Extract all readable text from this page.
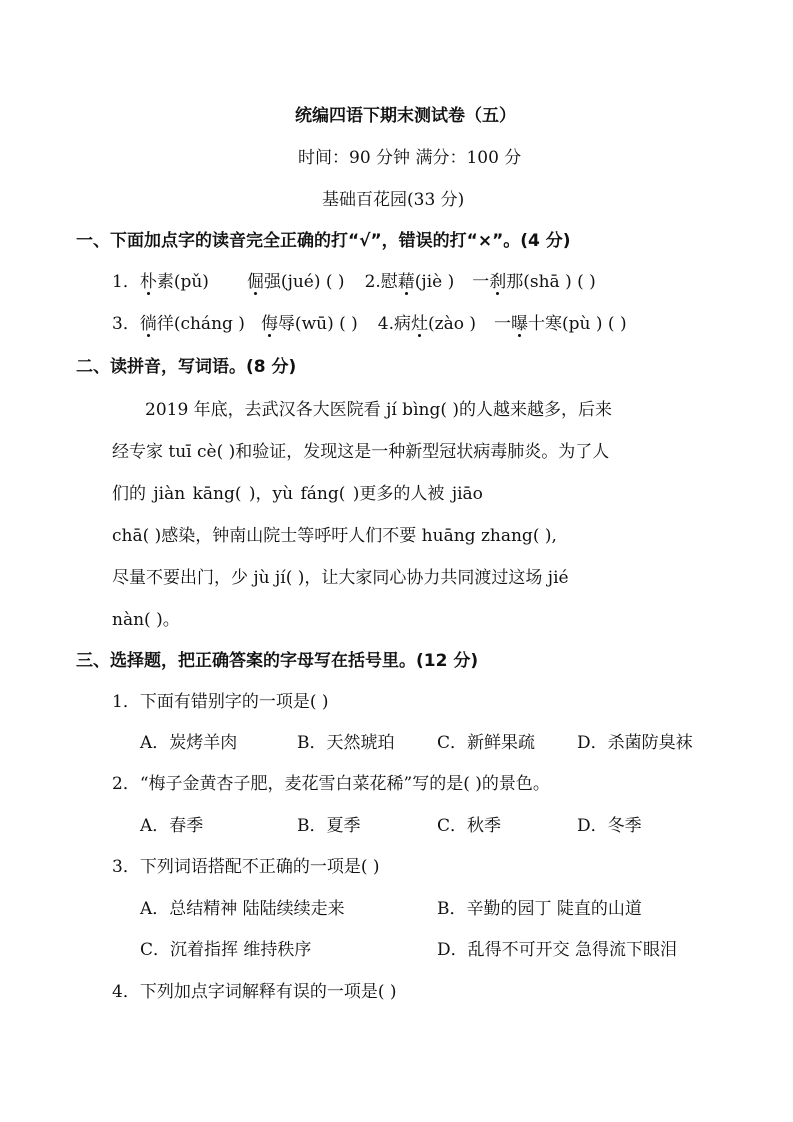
统编四语下期末测试卷（五）
时间：90 分钟 满分：100 分
基础百花园(33 分)
一、下面加点字的读音完全正确的打“√”，错误的打“×”。(4 分)
1．朴素(pǔ) 倔强(jué) ( ) 2.慰藉(jiè ) 一刹那(shā ) ( )
3．徜徉(cháng ) 侮辱(wū) ( ) 4.病灶(zào ) 一曝十寒(pù ) ( )
二、读拼音，写词语。(8 分)
2019 年底，去武汉各大医院看 jí bìng( )的人越来越多，后来
经专家 tuī cè( )和验证，发现这是一种新型冠状病毒肺炎。为了人
们的 jiàn kāng( )，yù fáng( )更多的人被 jiāo
chā( )感染，钟南山院士等呼吁人们不要 huāng zhang( ),
尽量不要出门，少 jù jí( )，让大家同心协力共同渡过这场 jié
nàn( )。
三、选择题，把正确答案的字母写在括号里。(12 分)
1．下面有错别字的一项是( )
A．炭烤羊肉	B．天然琥珀	C．新鲜果疏 D．杀菌防臭袜
2．“梅子金黄杏子肥，麦花雪白菜花稀”写的是( )的景色。
A．春季	B．夏季	C．秋季	D．冬季
3．下列词语搭配不正确的一项是( )
A．总结精神 陆陆续续走来	B．辛勤的园丁 陡直的山道
C．沉着指挥 维持秩序	D．乱得不可开交 急得流下眼泪
4．下列加点字词解释有误的一项是( )
